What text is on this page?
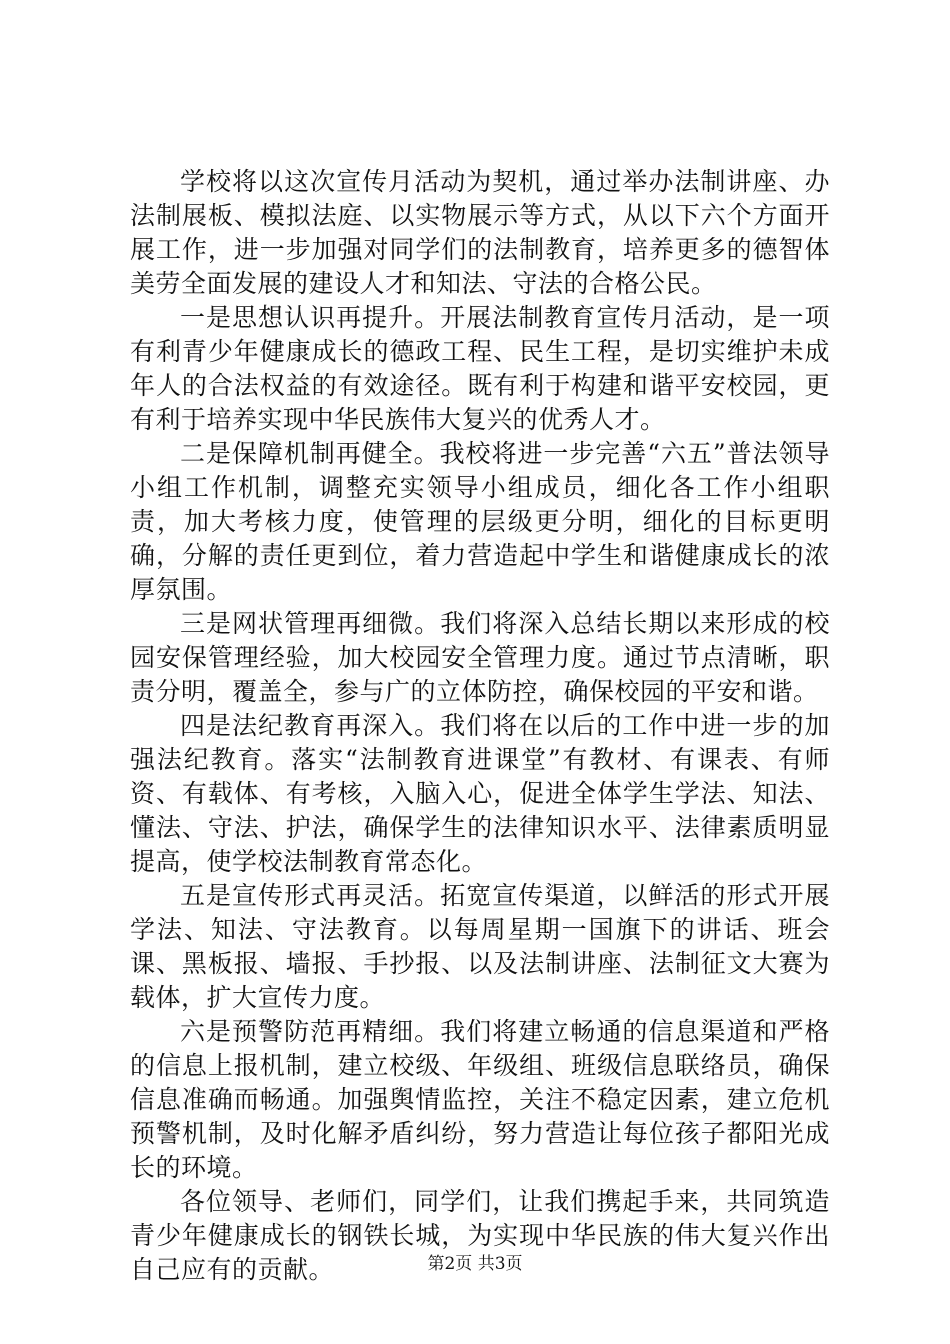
学校将以这次宣传月活动为契机，通过举办法制讲座、办法制展板、模拟法庭、以实物展示等方式，从以下六个方面开展工作，进一步加强对同学们的法制教育，培养更多的德智体美劳全面发展的建设人才和知法、守法的合格公民。

一是思想认识再提升。开展法制教育宣传月活动，是一项有利青少年健康成长的德政工程、民生工程，是切实维护未成年人的合法权益的有效途径。既有利于构建和谐平安校园，更有利于培养实现中华民族伟大复兴的优秀人才。

二是保障机制再健全。我校将进一步完善“六五”普法领导小组工作机制，调整充实领导小组成员，细化各工作小组职责，加大考核力度，使管理的层级更分明，细化的目标更明确，分解的责任更到位，着力营造起中学生和谐健康成长的浓厚氛围。

三是网状管理再细微。我们将深入总结长期以来形成的校园安保管理经验，加大校园安全管理力度。通过节点清晰，职责分明，覆盖全，参与广的立体防控，确保校园的平安和谐。

四是法纪教育再深入。我们将在以后的工作中进一步的加强法纪教育。落实“法制教育进课堂”有教材、有课表、有师资、有载体、有考核，入脑入心，促进全体学生学法、知法、懂法、守法、护法，确保学生的法律知识水平、法律素质明显提高，使学校法制教育常态化。

五是宣传形式再灵活。拓宽宣传渠道，以鲜活的形式开展学法、知法、守法教育。以每周星期一国旗下的讲话、班会课、黑板报、墙报、手抄报、以及法制讲座、法制征文大赛为载体，扩大宣传力度。

六是预警防范再精细。我们将建立畅通的信息渠道和严格的信息上报机制，建立校级、年级组、班级信息联络员，确保信息准确而畅通。加强舆情监控，关注不稳定因素，建立危机预警机制，及时化解矛盾纠纷，努力营造让每位孩子都阳光成长的环境。

各位领导、老师们，同学们，让我们携起手来，共同筑造青少年健康成长的钢铁长城，为实现中华民族的伟大复兴作出自己应有的贡献。	第2页 共3页
